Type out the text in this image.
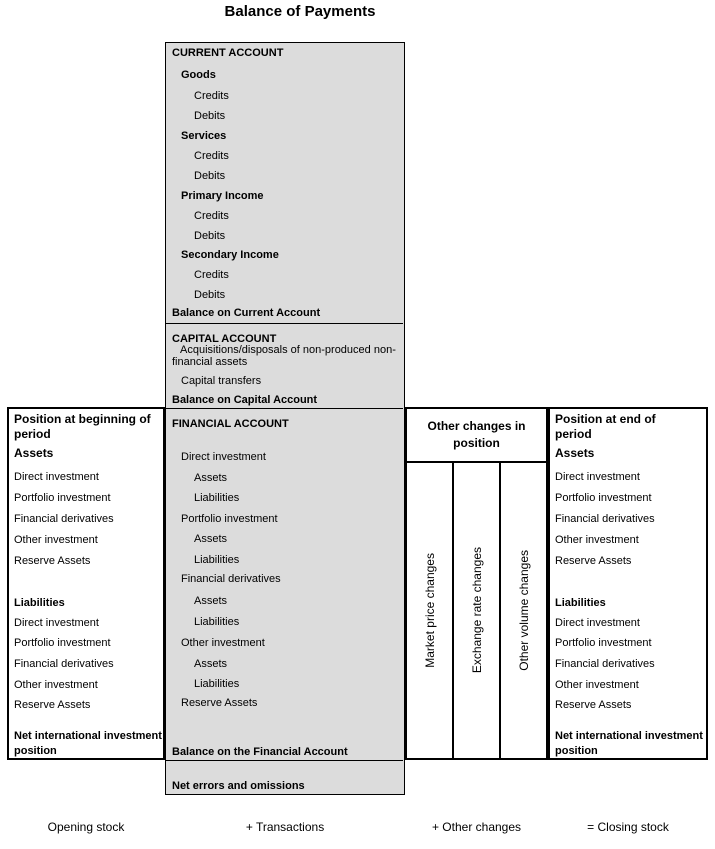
Balance of Payments
CURRENT ACCOUNT
Goods
Credits
Debits
Services
Credits
Debits
Primary Income
Credits
Debits
Secondary Income
Credits
Debits
Balance on Current Account
CAPITAL ACCOUNT
Acquisitions/disposals of non-produced non-financial assets
Capital transfers
Balance on Capital Account
FINANCIAL ACCOUNT
Direct investment
Assets
Liabilities
Portfolio investment
Assets
Liabilities
Financial derivatives
Assets
Liabilities
Other investment
Assets
Liabilities
Reserve Assets
Balance on the Financial Account
Net errors and omissions
Position at beginning of period
Assets
Direct investment
Portfolio investment
Financial derivatives
Other investment
Reserve Assets
Liabilities
Direct investment
Portfolio investment
Financial derivatives
Other investment
Reserve Assets
Net international investment position
Other changes in position
Market price changes	Exchange rate changes	Other volume changes
Position at end of period
Assets
Direct investment
Portfolio investment
Financial derivatives
Other investment
Reserve Assets
Liabilities
Direct investment
Portfolio investment
Financial derivatives
Other investment
Reserve Assets
Net international investment position
Opening stock	+ Transactions	+ Other changes	= Closing stock
